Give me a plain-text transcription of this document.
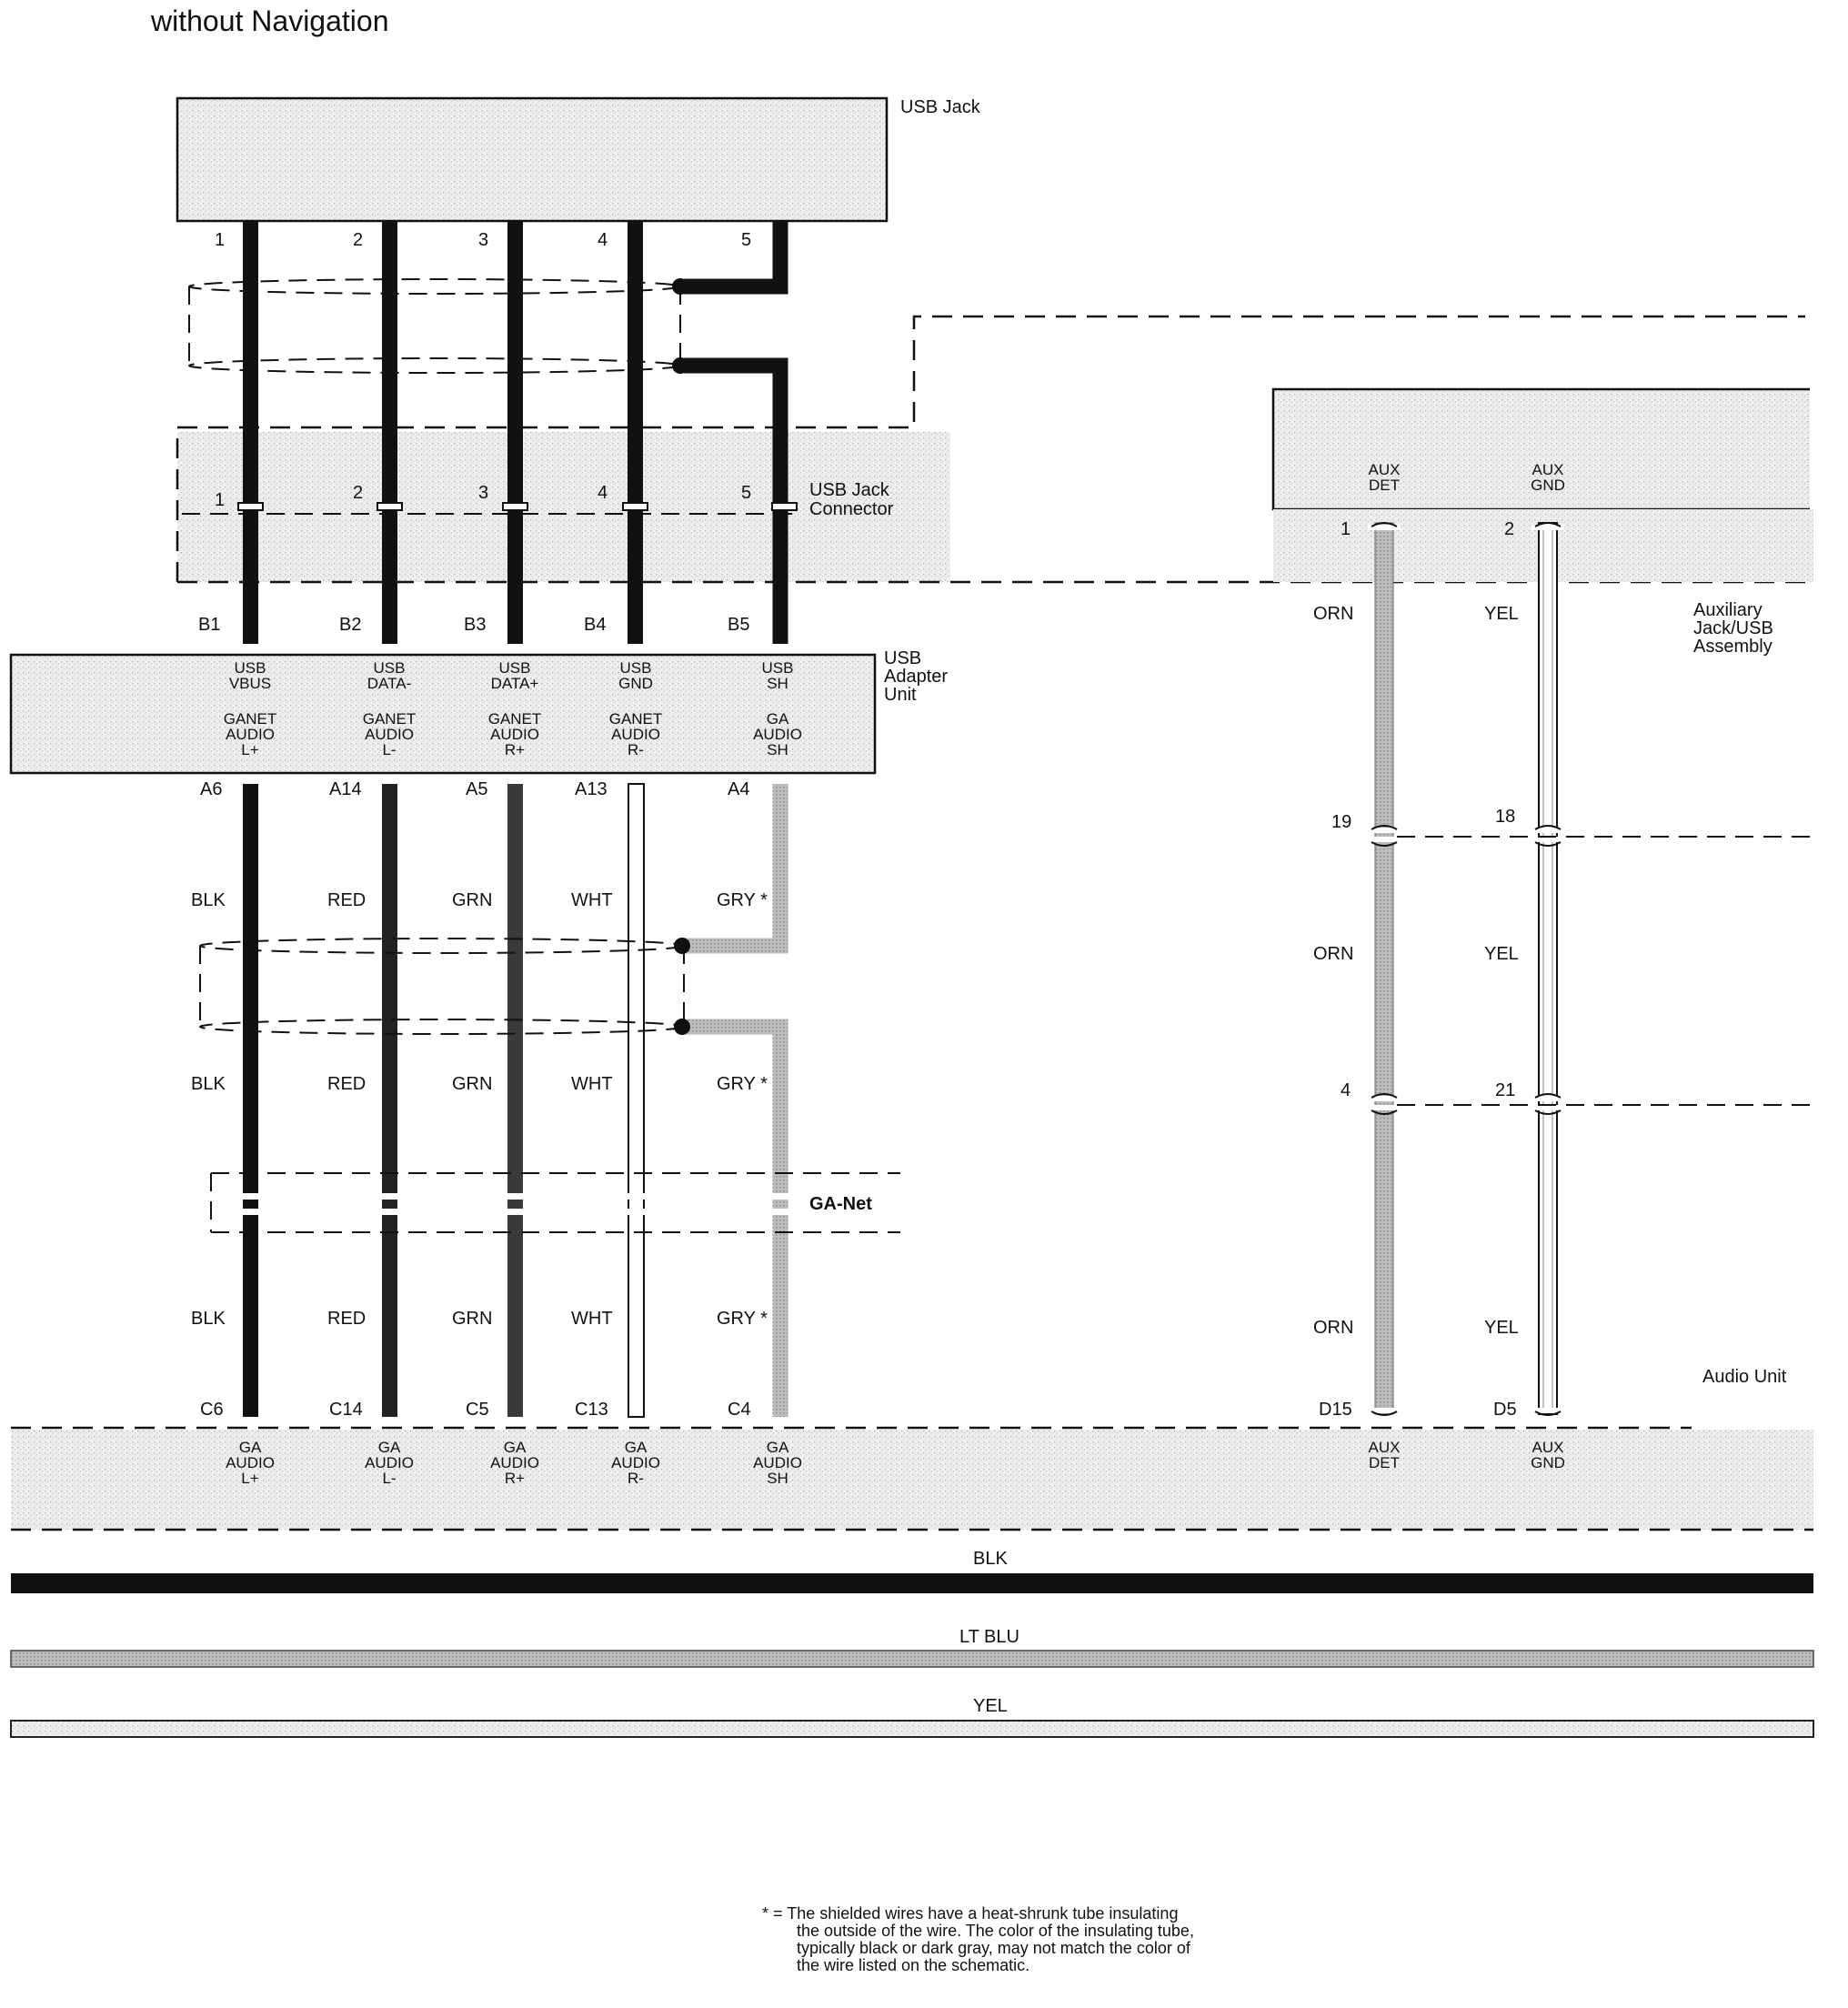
without Navigation
USB Jack
1	2	3	4	5
USB Jack Connector
1	2	3	4	5
USB Adapter Unit
B1	B2	B3	B4	B5
USB VBUS
USB DATA-
USB DATA+
USB GND
USB SH
GANET AUDIO L+
GANET AUDIO L-
GANET AUDIO R+
GANET AUDIO R-
GA AUDIO SH
A6	A14	A5	A13	A4
BLK	RED	GRN	WHT	GRY *
BLK	RED	GRN	WHT	GRY *
BLK	RED	GRN	WHT	GRY *
GA-Net
Audio Unit
C6	C14	C5	C13	C4
GA AUDIO L+
GA AUDIO L-
GA AUDIO R+
GA AUDIO R-
GA AUDIO SH
Auxiliary Jack/USB Assembly
AUX DET
AUX GND
1	2
ORN	YEL
19	18
ORN	YEL
4	21
ORN	YEL
D15	D5
AUX DET
AUX GND
BLK
LT BLU
YEL
* = The shielded wires have a heat-shrunk tube insulating the outside of the wire. The color of the insulating tube, typically black or dark gray, may not match the color of the wire listed on the schematic.
